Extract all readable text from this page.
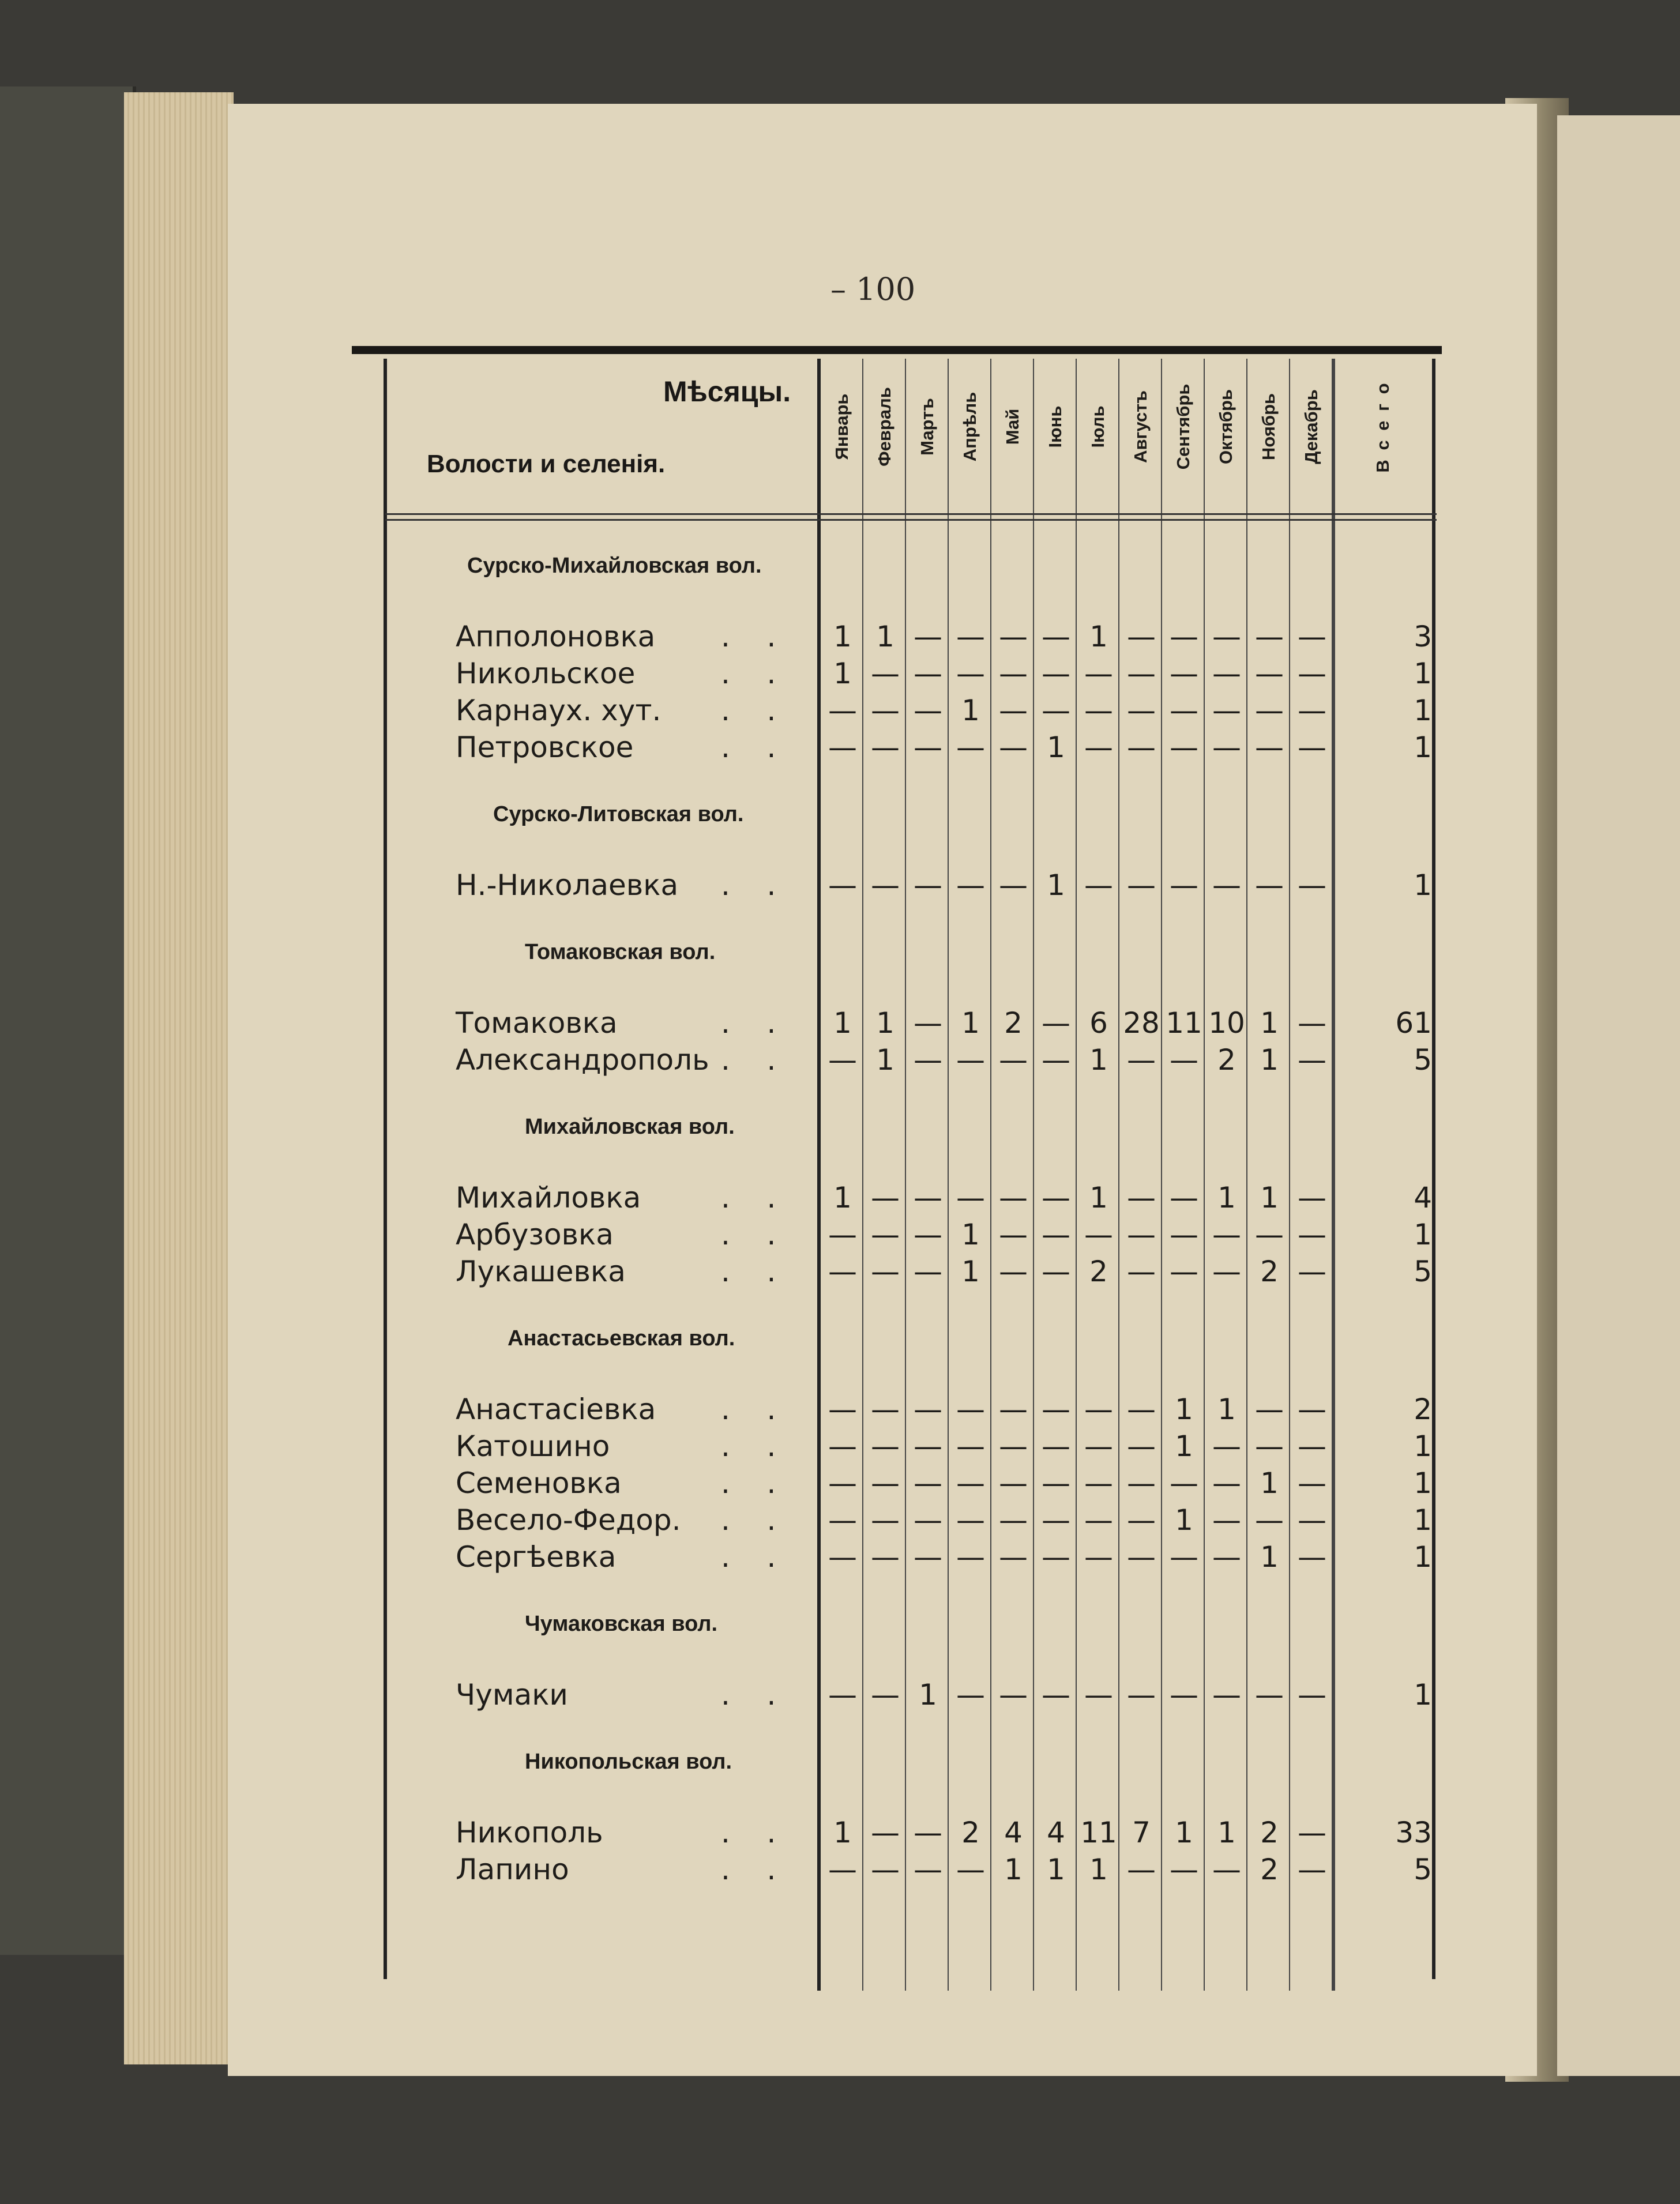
– 100
Мѣсяцы.
Волости и селенія.
Январь Февраль Мартъ Апрѣль Май Іюнь Іюль Августъ Сентябрь Октябрь Ноябрь Декабрь	В с е г о
Сурско-Михайловская вол.
Апполоновка .    .	1 1 — — — — 1 — — — — —	3
Никольское	.    .	1 — — — — — — — — — — —	1
Карнаух. хут. .    . — — — 1 — — — — — — — —	1
Петровское	.    . — — — — — 1 — — — — — —	1
Сурско-Литовская вол.
Н.-Николаевка .    . — — — — — 1 — — — — — —	1
Томаковская вол.
Томаковка	.    .	1 1 — 1 2 — 6 28 11 10 1 —	61
Александрополь .    . — 1 — — — — 1 — — 2 1 —	5
Михайловская вол.
Михайловка	.    .	1 — — — — — 1 — — 1 1 —	4
Арбузовка	.    . — — — 1 — — — — — — — —	1
Лукашевка	.    . — — — 1 — — 2 — — — 2 —	5
Анастасьевская вол.
Анастасіевка .    . — — — — — — — — 1 1 — —	2
Катошино	.    . — — — — — — — — 1 — — —	1
Семеновка	.    . — — — — — — — — — — 1 —	1
Весело-Федор. .    . — — — — — — — — 1 — — —	1
Сергѣевка	.    . — — — — — — — — — — 1 —	1
Чумаковская вол.
Чумаки	.    . — — 1 — — — — — — — — —	1
Никопольская вол.
Никополь	.    .	1 — — 2 4 4 11 7 1 1 2 —	33
Лапино	.    . — — — — 1 1 1 — — — 2 —	5
